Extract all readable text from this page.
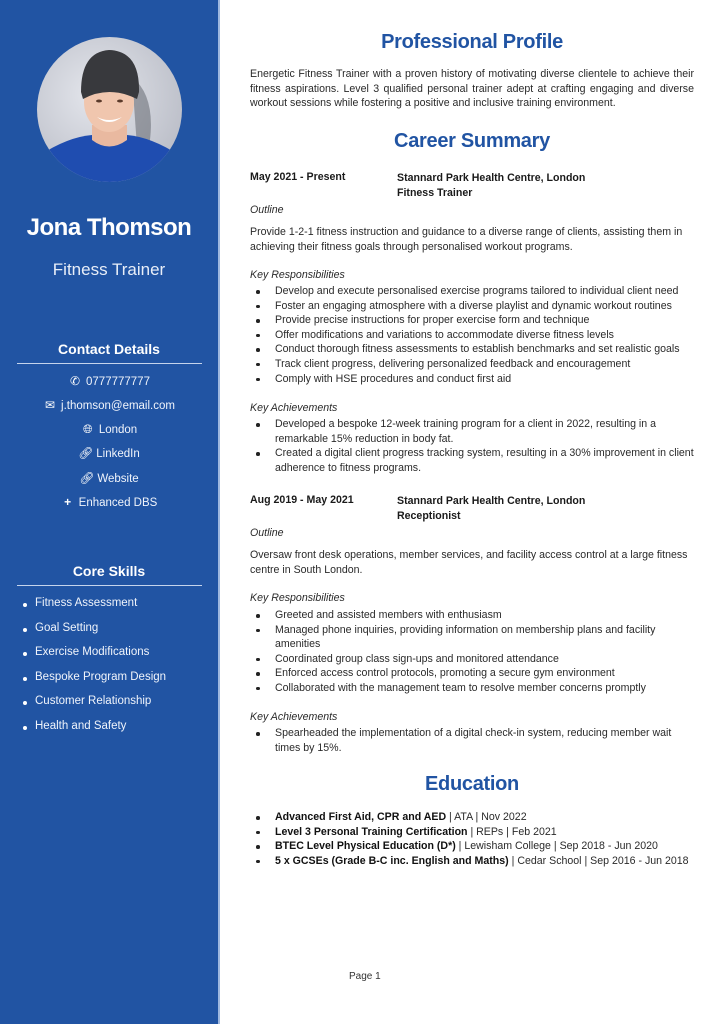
Jona Thomson
Fitness Trainer
Contact Details
✆ 0777777777
✉ j.thomson@email.com
🌐︎ London
🔗︎ LinkedIn
🔗︎ Website
+ Enhanced DBS
Core Skills
Fitness Assessment
Goal Setting
Exercise Modifications
Bespoke Program Design
Customer Relationship
Health and Safety
Professional Profile
Energetic Fitness Trainer with a proven history of motivating diverse clientele to achieve their fitness aspirations. Level 3 qualified personal trainer adept at crafting engaging and diverse workout sessions while fostering a positive and inclusive training environment.
Career Summary
May 2021 - Present	Stannard Park Health Centre, London
Fitness Trainer
Outline
Provide 1-2-1 fitness instruction and guidance to a diverse range of clients, assisting them in achieving their fitness goals through personalised workout programs.
Key Responsibilities
Develop and execute personalised exercise programs tailored to individual client need
Foster an engaging atmosphere with a diverse playlist and dynamic workout routines
Provide precise instructions for proper exercise form and technique
Offer modifications and variations to accommodate diverse fitness levels
Conduct thorough fitness assessments to establish benchmarks and set realistic goals
Track client progress, delivering personalized feedback and encouragement
Comply with HSE procedures and conduct first aid
Key Achievements
Developed a bespoke 12-week training program for a client in 2022, resulting in a remarkable 15% reduction in body fat.
Created a digital client progress tracking system, resulting in a 30% improvement in client adherence to fitness programs.
Aug 2019 - May 2021	Stannard Park Health Centre, London
Receptionist
Outline
Oversaw front desk operations, member services, and facility access control at a large fitness centre in South London.
Key Responsibilities
Greeted and assisted members with enthusiasm
Managed phone inquiries, providing information on membership plans and facility amenities
Coordinated group class sign-ups and monitored attendance
Enforced access control protocols, promoting a secure gym environment
Collaborated with the management team to resolve member concerns promptly
Key Achievements
Spearheaded the implementation of a digital check-in system, reducing member wait times by 15%.
Education
Advanced First Aid, CPR and AED | ATA | Nov 2022
Level 3 Personal Training Certification | REPs | Feb 2021
BTEC Level Physical Education (D*) | Lewisham College | Sep 2018 - Jun 2020
5 x GCSEs (Grade B-C inc. English and Maths) | Cedar School | Sep 2016 - Jun 2018
Page 1
